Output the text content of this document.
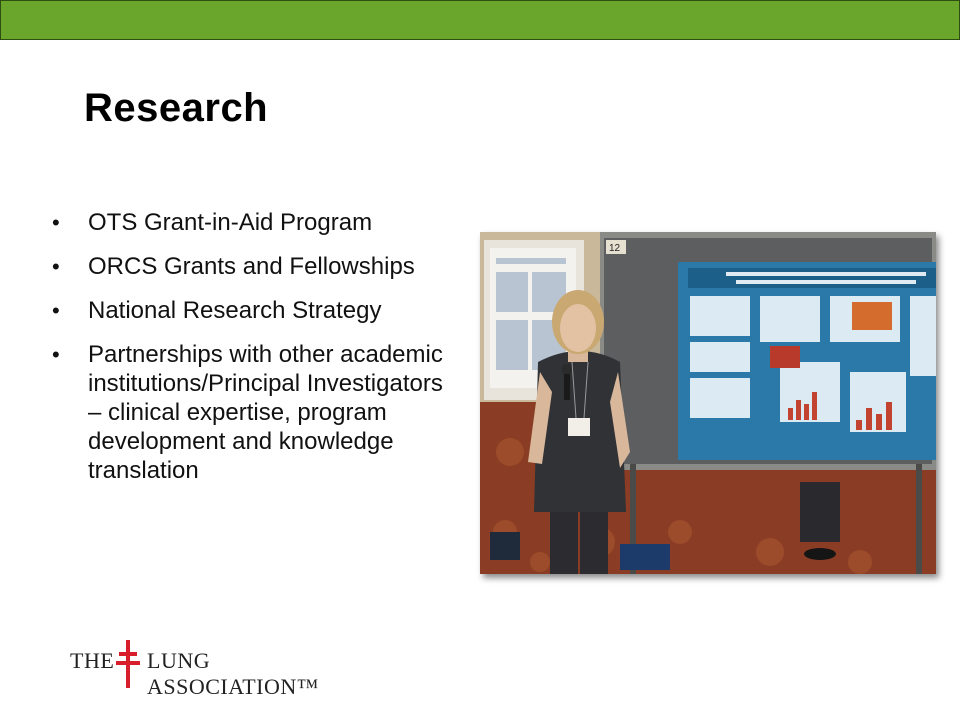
Research
• OTS Grant-in-Aid Program
• ORCS Grants and Fellowships
• National Research Strategy
• Partnerships with other academic institutions/Principal Investigators – clinical expertise, program development and knowledge translation
12
THE LUNG ASSOCIATION™
